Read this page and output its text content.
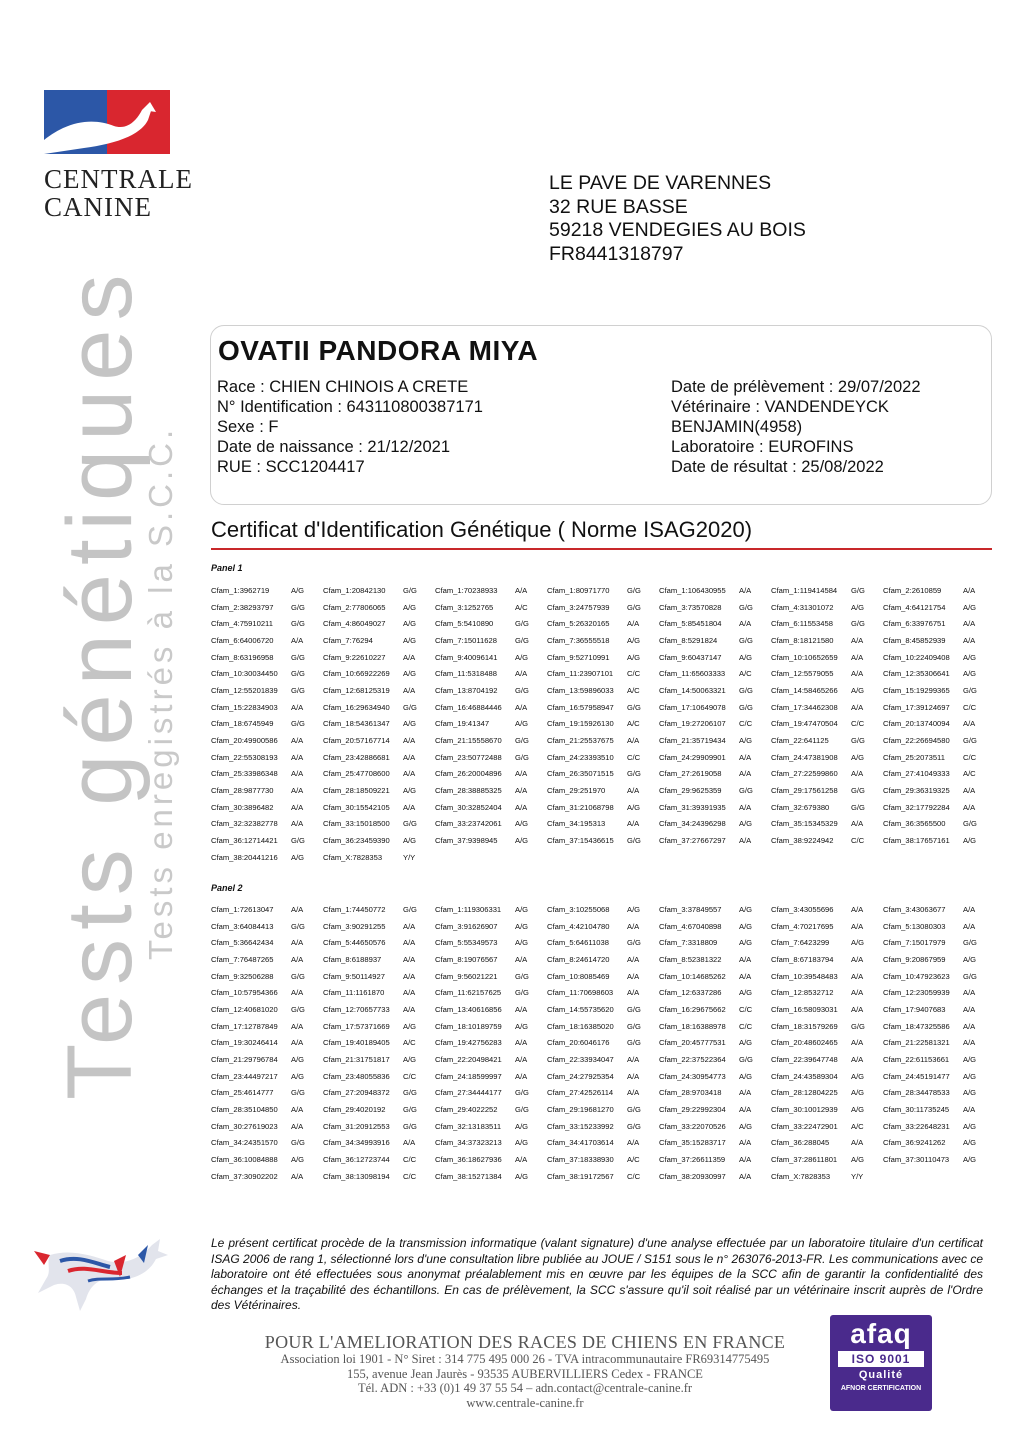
CENTRALE
CANINE
Tests génétiques
Tests enregistrés à la S.C.C.
LE PAVE DE VARENNES
32 RUE BASSE
59218 VENDEGIES AU BOIS
FR8441318797
OVATII PANDORA MIYA
Race : CHIEN CHINOIS A CRETE
N° Identification : 643110800387171
Sexe : F
Date de naissance : 21/12/2021
RUE : SCC1204417
Date de prélèvement : 29/07/2022
Vétérinaire : VANDENDEYCK BENJAMIN(4958)
Laboratoire : EUROFINS
Date de résultat : 25/08/2022
Certificat d'Identification Génétique ( Norme ISAG2020)
Panel 1
Cfam_1:3962719	A/G Cfam_1:20842130	G/G Cfam_1:70238933	A/A	Cfam_1:80971770	G/G Cfam_1:106430955	A/A	Cfam_1:119414584	G/G Cfam_2:2610859	A/A
Cfam_2:38293797	G/G Cfam_2:77806065	A/G Cfam_3:1252765	A/C	Cfam_3:24757939	G/G Cfam_3:73570828	G/G Cfam_4:31301072	A/G Cfam_4:64121754	A/G
Cfam_4:75910211	G/G Cfam_4:86049027	A/G Cfam_5:5410890	G/G Cfam_5:26320165	A/A	Cfam_5:85451804	A/A	Cfam_6:11553458	G/G Cfam_6:33976751	A/A
Cfam_6:64006720	A/A	Cfam_7:76294	A/G Cfam_7:15011628	G/G Cfam_7:36555518	A/G Cfam_8:5291824	G/G Cfam_8:18121580	A/A	Cfam_8:45852939	A/A
Cfam_8:63196958	G/G Cfam_9:22610227	A/A	Cfam_9:40096141	A/G Cfam_9:52710991	A/G Cfam_9:60437147	A/G Cfam_10:10652659	A/A	Cfam_10:22409408	A/G
Cfam_10:30034450	G/G Cfam_10:66922269	A/G Cfam_11:5318488	A/A	Cfam_11:23907101	C/C Cfam_11:65603333	A/C	Cfam_12:5579055	A/A	Cfam_12:35306641	A/G
Cfam_12:55201839	G/G Cfam_12:68125319	A/A	Cfam_13:8704192	G/G Cfam_13:59896033	A/C	Cfam_14:50063321	G/G Cfam_14:58465266	A/G Cfam_15:19299365	G/G
Cfam_15:22834903	A/A	Cfam_16:29634940	G/G Cfam_16:46884446	A/A	Cfam_16:57958947	G/G Cfam_17:10649078	G/G Cfam_17:34462308	A/A	Cfam_17:39124697	C/C
Cfam_18:6745949	G/G Cfam_18:54361347	A/G Cfam_19:41347	A/G Cfam_19:15926130	A/C	Cfam_19:27206107	C/C Cfam_19:47470504	C/C Cfam_20:13740094	A/A
Cfam_20:49900586	A/A	Cfam_20:57167714	A/A	Cfam_21:15558670	G/G Cfam_21:25537675	A/A	Cfam_21:35719434	A/G Cfam_22:641125	G/G Cfam_22:26694580	G/G
Cfam_22:55308193	A/A	Cfam_23:42886681	A/A	Cfam_23:50772488	G/G Cfam_24:23393510	C/C Cfam_24:29909901	A/A	Cfam_24:47381908	A/G Cfam_25:2073511	C/C
Cfam_25:33986348	A/A	Cfam_25:47708600	A/A	Cfam_26:20004896	A/A	Cfam_26:35071515	G/G Cfam_27:2619058	A/A	Cfam_27:22599860	A/A	Cfam_27:41049333	A/C
Cfam_28:9877730	A/A	Cfam_28:18509221	A/G Cfam_28:38885325	A/A	Cfam_29:251970	A/A	Cfam_29:9625359	G/G Cfam_29:17561258	G/G Cfam_29:36319325	A/A
Cfam_30:3896482	A/A	Cfam_30:15542105	A/A	Cfam_30:32852404	A/A	Cfam_31:21068798	A/G Cfam_31:39391935	A/A	Cfam_32:679380	G/G Cfam_32:17792284	A/A
Cfam_32:32382778	A/A	Cfam_33:15018500	G/G Cfam_33:23742061	A/G Cfam_34:195313	A/A	Cfam_34:24396298	A/G Cfam_35:15345329	A/A	Cfam_36:3565500	G/G
Cfam_36:12714421	G/G Cfam_36:23459390	A/G Cfam_37:9398945	A/G Cfam_37:15436615	G/G Cfam_37:27667297	A/A	Cfam_38:9224942	C/C Cfam_38:17657161	A/G
Cfam_38:20441216	A/G Cfam_X:7828353	Y/Y
Panel 2
Cfam_1:72613047	A/A	Cfam_1:74450772	G/G Cfam_1:119306331	A/G Cfam_3:10255068	A/G Cfam_3:37849557	A/G Cfam_3:43055696	A/A	Cfam_3:43063677	A/A
Cfam_3:64084413	G/G Cfam_3:90291255	A/A	Cfam_3:91626907	A/G Cfam_4:42104780	A/A	Cfam_4:67040898	A/G Cfam_4:70217695	A/A	Cfam_5:13080303	A/A
Cfam_5:36642434	A/A	Cfam_5:44650576	A/A	Cfam_5:55349573	A/G Cfam_5:64611038	G/G Cfam_7:3318809	A/G Cfam_7:6423299	A/G Cfam_7:15017979	G/G
Cfam_7:76487265	A/A	Cfam_8:6188937	A/A	Cfam_8:19076567	A/A	Cfam_8:24614720	A/A	Cfam_8:52381322	A/A	Cfam_8:67183794	A/A	Cfam_9:20867959	A/G
Cfam_9:32506288	G/G Cfam_9:50114927	A/A	Cfam_9:56021221	G/G Cfam_10:8085469	A/A	Cfam_10:14685262	A/A	Cfam_10:39548483	A/A	Cfam_10:47923623	G/G
Cfam_10:57954366	A/A	Cfam_11:1161870	A/A	Cfam_11:62157625	G/G Cfam_11:70698603	A/A	Cfam_12:6337286	A/G Cfam_12:8532712	A/A	Cfam_12:23059939	A/A
Cfam_12:40681020	G/G Cfam_12:70657733	A/A	Cfam_13:40616856	A/A	Cfam_14:55735620	G/G Cfam_16:29675662	C/C Cfam_16:58093031	A/A	Cfam_17:9407683	A/A
Cfam_17:12787849	A/A	Cfam_17:57371669	A/G Cfam_18:10189759	A/G Cfam_18:16385020	G/G Cfam_18:16388978	C/C Cfam_18:31579269	G/G Cfam_18:47325586	A/A
Cfam_19:30246414	A/A	Cfam_19:40189405	A/C	Cfam_19:42756283	A/A	Cfam_20:6046176	G/G Cfam_20:45777531	A/G Cfam_20:48602465	A/A	Cfam_21:22581321	A/A
Cfam_21:29796784	A/G Cfam_21:31751817	A/G Cfam_22:20498421	A/A	Cfam_22:33934047	A/A	Cfam_22:37522364	G/G Cfam_22:39647748	A/A	Cfam_22:61153661	A/G
Cfam_23:44497217	A/G Cfam_23:48055836	C/C Cfam_24:18599997	A/A	Cfam_24:27925354	A/A	Cfam_24:30954773	A/G Cfam_24:43589304	A/G Cfam_24:45191477	A/G
Cfam_25:4614777	G/G Cfam_27:20948372	G/G Cfam_27:34444177	G/G Cfam_27:42526114	A/A	Cfam_28:9703418	A/A	Cfam_28:12804225	A/G Cfam_28:34478533	A/G
Cfam_28:35104850	A/A	Cfam_29:4020192	G/G Cfam_29:4022252	G/G Cfam_29:19681270	G/G Cfam_29:22992304	A/A	Cfam_30:10012939	A/G Cfam_30:11735245	A/A
Cfam_30:27619023	A/A	Cfam_31:20912553	G/G Cfam_32:13183511	A/G Cfam_33:15233992	G/G Cfam_33:22070526	A/G Cfam_33:22472901	A/C	Cfam_33:22648231	A/G
Cfam_34:24351570	G/G Cfam_34:34993916	A/A	Cfam_34:37323213	A/G Cfam_34:41703614	A/A	Cfam_35:15283717	A/A	Cfam_36:288045	A/A	Cfam_36:9241262	A/G
Cfam_36:10084888	A/G Cfam_36:12723744	C/C Cfam_36:18627936	A/A	Cfam_37:18338930	A/C	Cfam_37:26611359	A/A	Cfam_37:28611801	A/G Cfam_37:30110473	A/G
Cfam_37:30902202	A/A	Cfam_38:13098194	C/C Cfam_38:15271384	A/G Cfam_38:19172567	C/C Cfam_38:20930997	A/A	Cfam_X:7828353	Y/Y
Le présent certificat procède de la transmission informatique (valant signature) d'une analyse effectuée par un laboratoire titulaire d'un certificat ISAG 2006 de rang 1, sélectionné lors d'une consultation libre publiée au JOUE / S151 sous le n° 263076-2013-FR. Les communications avec ce laboratoire ont été effectuées sous anonymat préalablement mis en œuvre par les équipes de la SCC afin de garantir la confidentialité des échanges et la traçabilité des échantillons. En cas de prélèvement, la SCC s'assure qu'il soit réalisé par un vétérinaire inscrit auprès de l'Ordre des Vétérinaires.
POUR L'AMELIORATION DES RACES DE CHIENS EN FRANCE
Association loi 1901 - N° Siret : 314 775 495 000 26 - TVA intracommunautaire FR69314775495
155, avenue Jean Jaurès - 93535 AUBERVILLIERS Cedex - FRANCE
Tél. ADN : +33 (0)1 49 37 55 54 – adn.contact@centrale-canine.fr
www.centrale-canine.fr
afaq
ISO 9001
Qualité
AFNOR CERTIFICATION
